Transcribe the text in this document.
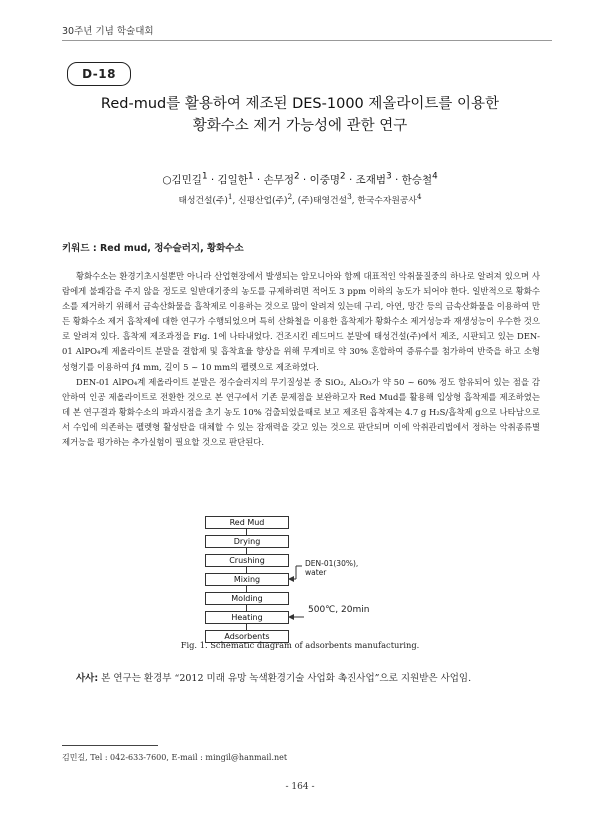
30주년 기념 학술대회
D-18
Red-mud를 활용하여 제조된 DES-1000 제올라이트를 이용한
황화수소 제거 가능성에 관한 연구
○김민길$^1$ · 김일한$^1$ · 손무정$^2$ · 이중명$^2$ · 조재범$^3$ · 한승철$^4$
태성건설(주)$^1$, 신평산업(주)$^2$, (주)태영건설$^3$, 한국수자원공사$^4$
키워드 : Red mud, 정수슬러지, 황화수소

황화수소는 환경기초시설뿐만 아니라 산업현장에서 발생되는 암모니아와 함께 대표적인 악취물질중의 하나로 알려져 있으며 사람에게 불쾌감을 주지 않을 정도로 일반대기중의 농도를 규제하려면 적어도 3 ppm 이하의 농도가 되어야 한다. 일반적으로 황화수소를 제거하기 위해서 금속산화물을 흡착제로 이용하는 것으로 많이 알려져 있는데 구리, 아연, 망간 등의 금속산화물을 이용하여 만든 황화수소 제거 흡착제에 대한 연구가 수행되었으며 특히 산화철을 이용한 흡착제가 황화수소 제거성능과 재생성능이 우수한 것으로 알려져 있다. 흡착제 제조과정을 Fig. 1에 나타내었다. 건조시킨 레드머드 분말에 태성건설(주)에서 제조, 시판되고 있는 DEN-01 AlPO₄계 제올라이트 분말을 결합제 및 흡착효율 향상을 위해 무게비로 약 30% 혼합하여 증류수를 첨가하여 반죽을 하고 소형 성형기를 이용하여 ƒ4 mm, 길이 5 ~ 10 mm의 펠렛으로 제조하였다.

DEN-01 AlPO₄계 제올라이트 분말은 정수슬러지의 무기질성분 중 SiO₂, Al₂O₃가 약 50 ~ 60% 정도 함유되어 있는 점을 감안하여 인공 제올라이트로 전환한 것으로 본 연구에서 기존 문제점을 보완하고자 Red Mud를 활용해 입상형 흡착제를 제조하였는데 본 연구결과 황화수소의 파과시점을 초기 농도 10% 검출되었을때로 보고 제조된 흡착제는 4.7 g H₂S/흡착제 g으로 나타남으로서 수입에 의존하는 펠렛형 활성탄을 대체할 수 있는 잠재력을 갖고 있는 것으로 판단되며 이에 악취관리법에서 정하는 악취종류별 제거능을 평가하는 추가실험이 필요할 것으로 판단된다.

Red Mud
Drying
Crushing
Mixing
Molding
Heating
Adsorbents
DEN-01(30%),
water
500℃, 20min
Fig. 1. Schematic diagram of adsorbents manufacturing.
사사: 본 연구는 환경부 “2012 미래 유망 녹색환경기술 사업화 촉진사업”으로 지원받은 사업임.
김민길, Tel : 042-633-7600, E-mail : mingil@hanmail.net
- 164 -
